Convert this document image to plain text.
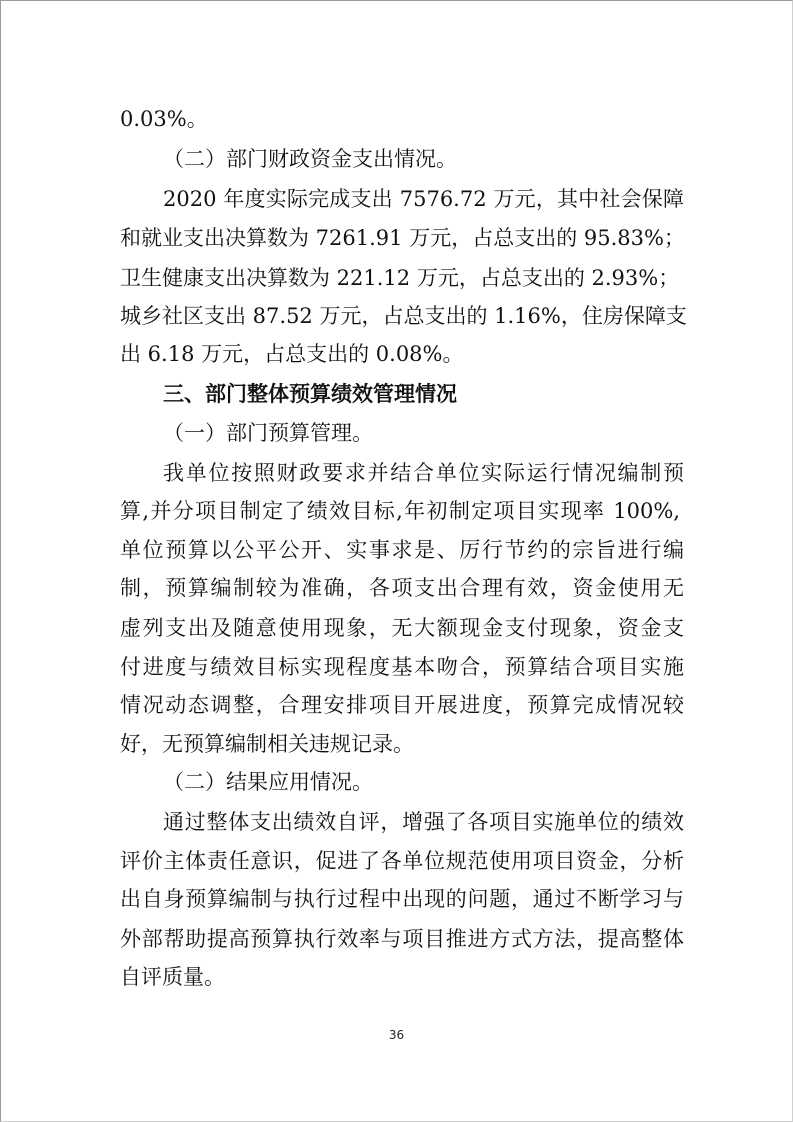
0.03%。
（二）部门财政资金支出情况。
2020 年度实际完成支出 7576.72 万元，其中社会保障
和就业支出决算数为 7261.91 万元，占总支出的 95.83%；
卫生健康支出决算数为 221.12 万元，占总支出的 2.93%；
城乡社区支出 87.52 万元，占总支出的 1.16%，住房保障支
出 6.18 万元，占总支出的 0.08%。
三、部门整体预算绩效管理情况
（一）部门预算管理。
我单位按照财政要求并结合单位实际运行情况编制预
算,并分项目制定了绩效目标,年初制定项目实现率 100%,
单位预算以公平公开、实事求是、厉行节约的宗旨进行编
制，预算编制较为准确，各项支出合理有效，资金使用无
虚列支出及随意使用现象，无大额现金支付现象，资金支
付进度与绩效目标实现程度基本吻合，预算结合项目实施
情况动态调整，合理安排项目开展进度，预算完成情况较
好，无预算编制相关违规记录。
（二）结果应用情况。
通过整体支出绩效自评，增强了各项目实施单位的绩效
评价主体责任意识，促进了各单位规范使用项目资金，分析
出自身预算编制与执行过程中出现的问题，通过不断学习与
外部帮助提高预算执行效率与项目推进方式方法，提高整体
自评质量。
36
